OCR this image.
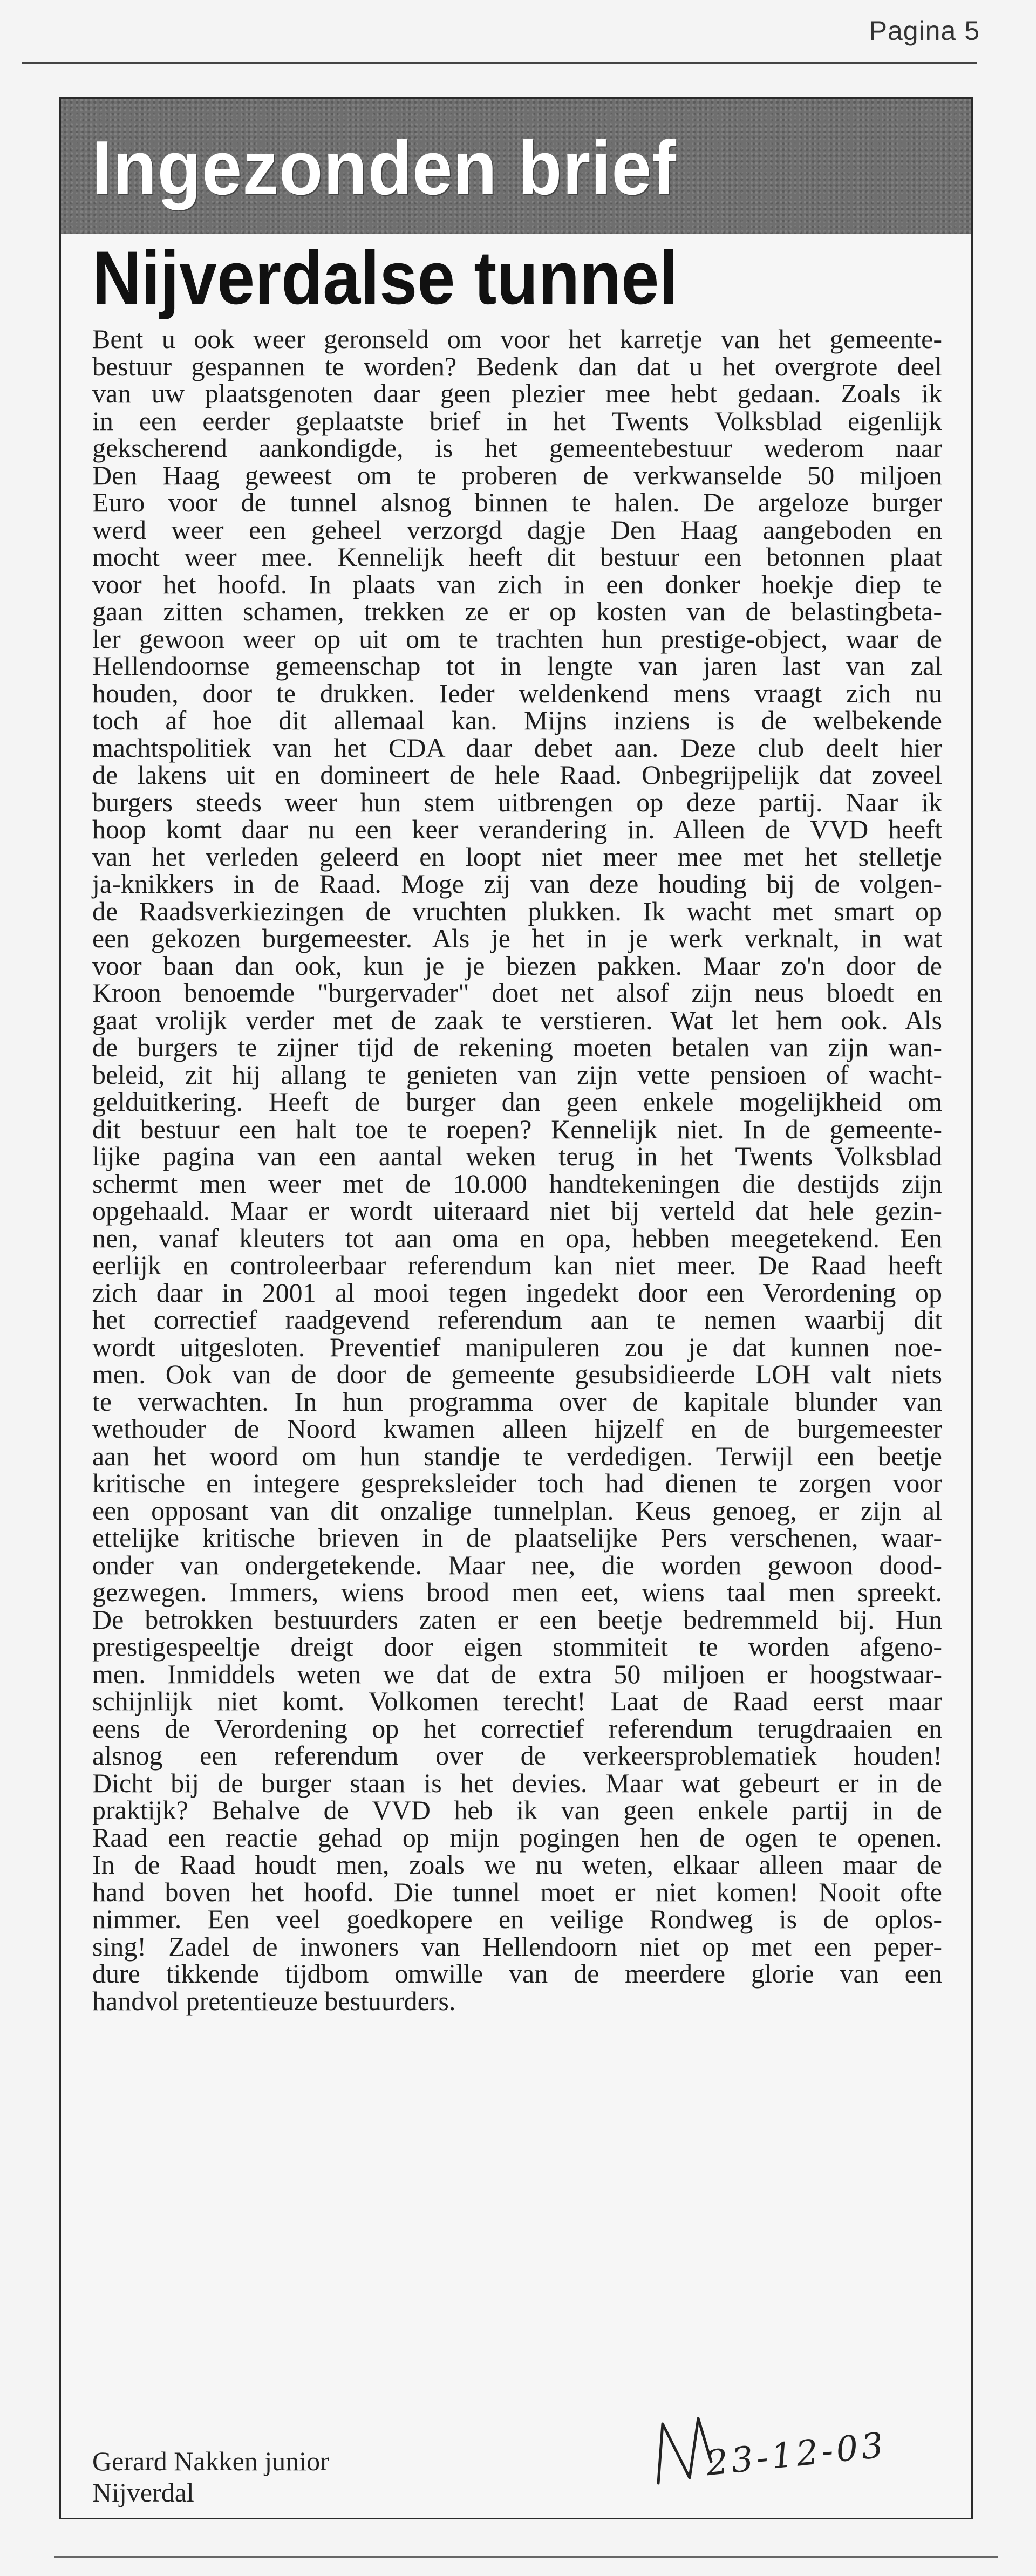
Pagina 5
Ingezonden brief
Nijverdalse tunnel

Bent u ook weer geronseld om voor het karretje van het gemeente-
bestuur gespannen te worden? Bedenk dan dat u het overgrote deel
van uw plaatsgenoten daar geen plezier mee hebt gedaan. Zoals ik
in een eerder geplaatste brief in het Twents Volksblad eigenlijk
gekscherend aankondigde, is het gemeentebestuur wederom naar
Den Haag geweest om te proberen de verkwanselde 50 miljoen
Euro voor de tunnel alsnog binnen te halen. De argeloze burger
werd weer een geheel verzorgd dagje Den Haag aangeboden en
mocht weer mee. Kennelijk heeft dit bestuur een betonnen plaat
voor het hoofd. In plaats van zich in een donker hoekje diep te
gaan zitten schamen, trekken ze er op kosten van de belastingbeta-
ler gewoon weer op uit om te trachten hun prestige-object, waar de
Hellendoornse gemeenschap tot in lengte van jaren last van zal
houden, door te drukken. Ieder weldenkend mens vraagt zich nu
toch af hoe dit allemaal kan. Mijns inziens is de welbekende
machtspolitiek van het CDA daar debet aan. Deze club deelt hier
de lakens uit en domineert de hele Raad. Onbegrijpelijk dat zoveel
burgers steeds weer hun stem uitbrengen op deze partij. Naar ik
hoop komt daar nu een keer verandering in. Alleen de VVD heeft
van het verleden geleerd en loopt niet meer mee met het stelletje
ja-knikkers in de Raad. Moge zij van deze houding bij de volgen-
de Raadsverkiezingen de vruchten plukken. Ik wacht met smart op
een gekozen burgemeester. Als je het in je werk verknalt, in wat
voor baan dan ook, kun je je biezen pakken. Maar zo'n door de
Kroon benoemde "burgervader" doet net alsof zijn neus bloedt en
gaat vrolijk verder met de zaak te verstieren. Wat let hem ook. Als
de burgers te zijner tijd de rekening moeten betalen van zijn wan-
beleid, zit hij allang te genieten van zijn vette pensioen of wacht-
gelduitkering. Heeft de burger dan geen enkele mogelijkheid om
dit bestuur een halt toe te roepen? Kennelijk niet. In de gemeente-
lijke pagina van een aantal weken terug in het Twents Volksblad
schermt men weer met de 10.000 handtekeningen die destijds zijn
opgehaald. Maar er wordt uiteraard niet bij verteld dat hele gezin-
nen, vanaf kleuters tot aan oma en opa, hebben meegetekend. Een
eerlijk en controleerbaar referendum kan niet meer. De Raad heeft
zich daar in 2001 al mooi tegen ingedekt door een Verordening op
het correctief raadgevend referendum aan te nemen waarbij dit
wordt uitgesloten. Preventief manipuleren zou je dat kunnen noe-
men. Ook van de door de gemeente gesubsidieerde LOH valt niets
te verwachten. In hun programma over de kapitale blunder van
wethouder de Noord kwamen alleen hijzelf en de burgemeester
aan het woord om hun standje te verdedigen. Terwijl een beetje
kritische en integere gespreksleider toch had dienen te zorgen voor
een opposant van dit onzalige tunnelplan. Keus genoeg, er zijn al
ettelijke kritische brieven in de plaatselijke Pers verschenen, waar-
onder van ondergetekende. Maar nee, die worden gewoon dood-
gezwegen. Immers, wiens brood men eet, wiens taal men spreekt.
De betrokken bestuurders zaten er een beetje bedremmeld bij. Hun
prestigespeeltje dreigt door eigen stommiteit te worden afgeno-
men. Inmiddels weten we dat de extra 50 miljoen er hoogstwaar-
schijnlijk niet komt. Volkomen terecht! Laat de Raad eerst maar
eens de Verordening op het correctief referendum terugdraaien en
alsnog een referendum over de verkeersproblematiek houden!
Dicht bij de burger staan is het devies. Maar wat gebeurt er in de
praktijk? Behalve de VVD heb ik van geen enkele partij in de
Raad een reactie gehad op mijn pogingen hen de ogen te openen.
In de Raad houdt men, zoals we nu weten, elkaar alleen maar de
hand boven het hoofd. Die tunnel moet er niet komen! Nooit ofte
nimmer. Een veel goedkopere en veilige Rondweg is de oplos-
sing! Zadel de inwoners van Hellendoorn niet op met een peper-
dure tikkende tijdbom omwille van de meerdere glorie van een
handvol pretentieuze bestuurders.

Gerard Nakken junior
Nijverdal
23-12-03
